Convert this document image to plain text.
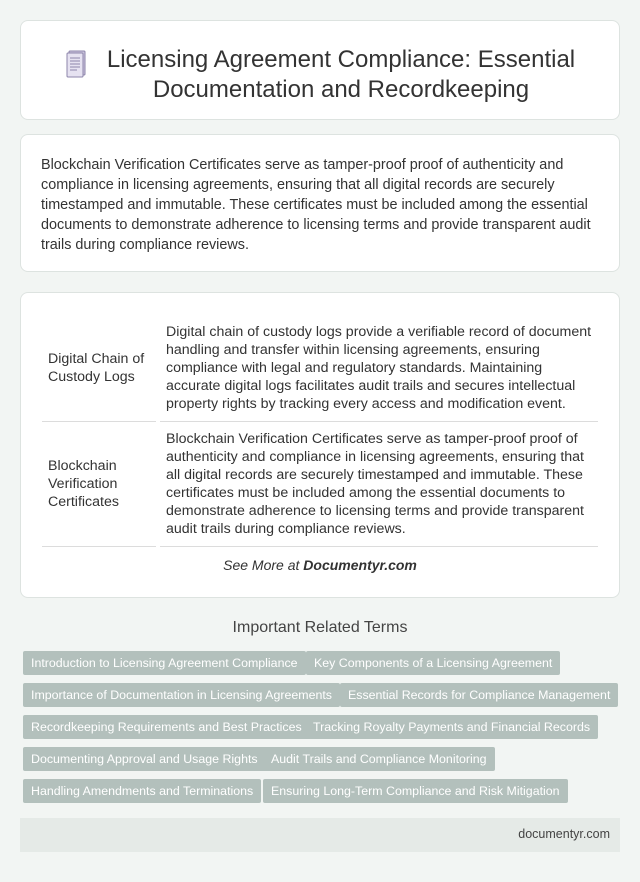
Licensing Agreement Compliance: Essential Documentation and Recordkeeping

Blockchain Verification Certificates serve as tamper-proof proof of authenticity and compliance in licensing agreements, ensuring that all digital records are securely timestamped and immutable. These certificates must be included among the essential documents to demonstrate adherence to licensing terms and provide transparent audit trails during compliance reviews.

Digital Chain of Custody Logs	Digital chain of custody logs provide a verifiable record of document handling and transfer within licensing agreements, ensuring compliance with legal and regulatory standards. Maintaining accurate digital logs facilitates audit trails and secures intellectual property rights by tracking every access and modification event.
Blockchain Verification Certificates	Blockchain Verification Certificates serve as tamper-proof proof of authenticity and compliance in licensing agreements, ensuring that all digital records are securely timestamped and immutable. These certificates must be included among the essential documents to demonstrate adherence to licensing terms and provide transparent audit trails during compliance reviews.
See More at Documentyr.com
Important Related Terms
Introduction to Licensing Agreement Compliance	Key Components of a Licensing Agreement
Importance of Documentation in Licensing Agreements	Essential Records for Compliance Management
Recordkeeping Requirements and Best Practices Tracking Royalty Payments and Financial Records
Documenting Approval and Usage Rights	Audit Trails and Compliance Monitoring
Handling Amendments and Terminations	Ensuring Long-Term Compliance and Risk Mitigation
documentyr.com
